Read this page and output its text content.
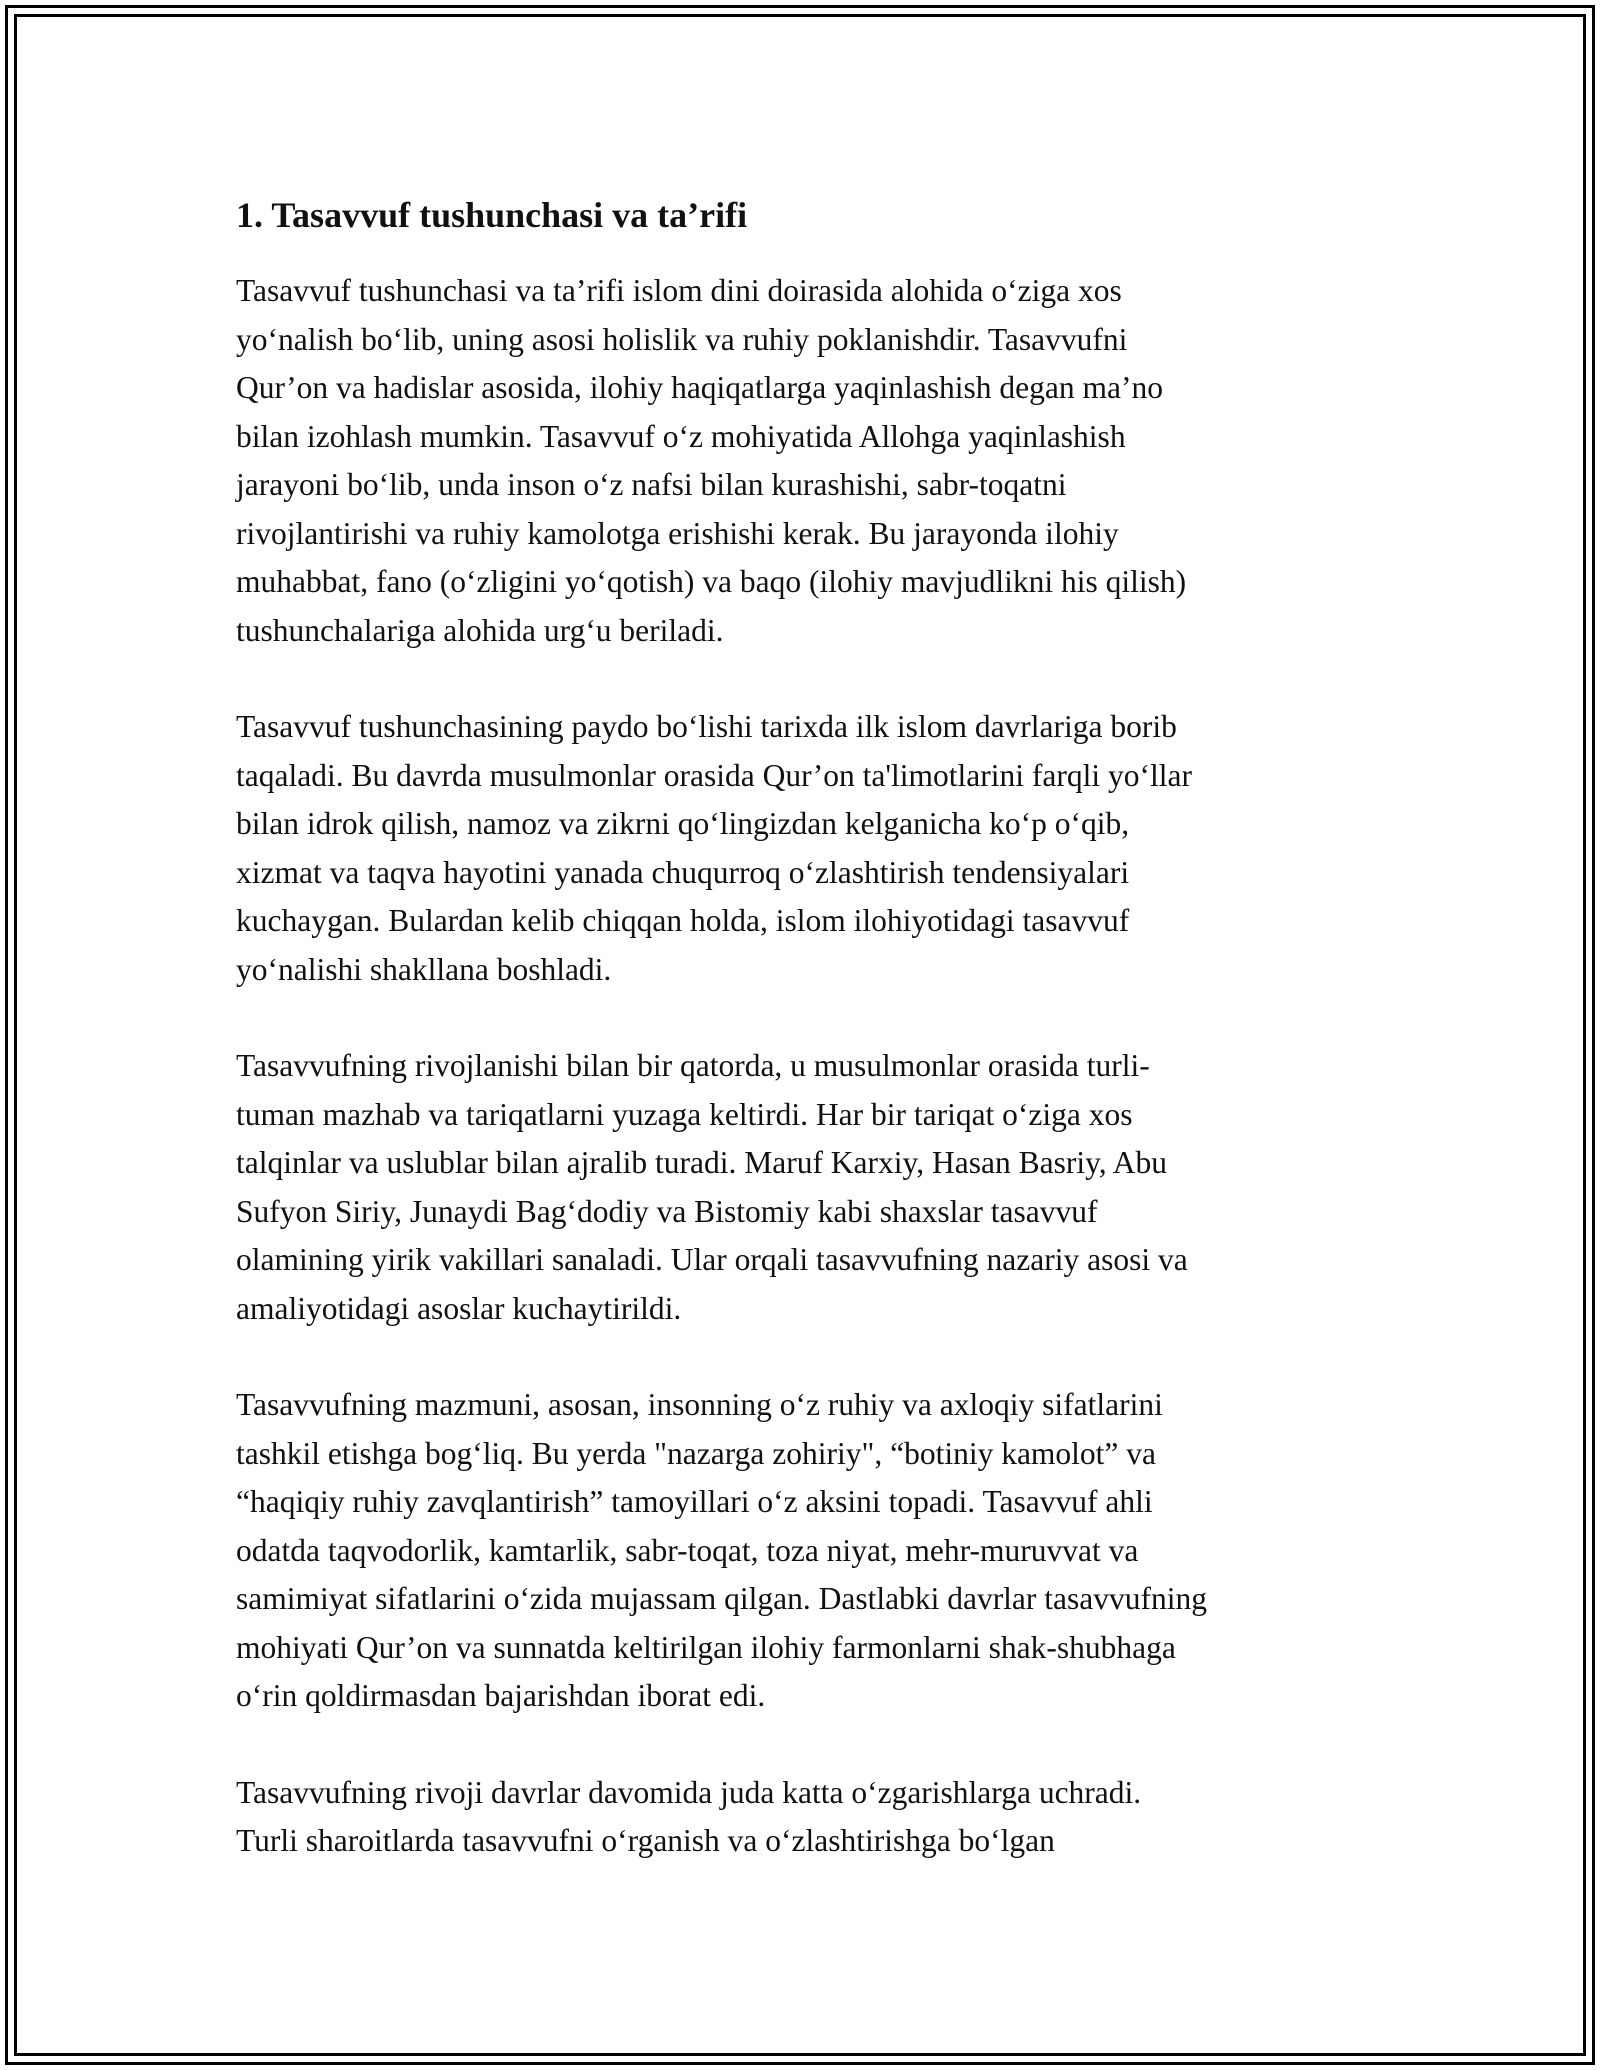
1. Tasavvuf tushunchasi va ta’rifi

Tasavvuf tushunchasi va ta’rifi islom dini doirasida alohida o‘ziga xos
yo‘nalish bo‘lib, uning asosi holislik va ruhiy poklanishdir. Tasavvufni
Qur’on va hadislar asosida, ilohiy haqiqatlarga yaqinlashish degan ma’no
bilan izohlash mumkin. Tasavvuf o‘z mohiyatida Allohga yaqinlashish
jarayoni bo‘lib, unda inson o‘z nafsi bilan kurashishi, sabr-toqatni
rivojlantirishi va ruhiy kamolotga erishishi kerak. Bu jarayonda ilohiy
muhabbat, fano (o‘zligini yo‘qotish) va baqo (ilohiy mavjudlikni his qilish)
tushunchalariga alohida urg‘u beriladi.

Tasavvuf tushunchasining paydo bo‘lishi tarixda ilk islom davrlariga borib
taqaladi. Bu davrda musulmonlar orasida Qur’on ta'limotlarini farqli yo‘llar
bilan idrok qilish, namoz va zikrni qo‘lingizdan kelganicha ko‘p o‘qib,
xizmat va taqva hayotini yanada chuqurroq o‘zlashtirish tendensiyalari
kuchaygan. Bulardan kelib chiqqan holda, islom ilohiyotidagi tasavvuf
yo‘nalishi shakllana boshladi.

Tasavvufning rivojlanishi bilan bir qatorda, u musulmonlar orasida turli-
tuman mazhab va tariqatlarni yuzaga keltirdi. Har bir tariqat o‘ziga xos
talqinlar va uslublar bilan ajralib turadi. Maruf Karxiy, Hasan Basriy, Abu
Sufyon Siriy, Junaydi Bag‘dodiy va Bistomiy kabi shaxslar tasavvuf
olamining yirik vakillari sanaladi. Ular orqali tasavvufning nazariy asosi va
amaliyotidagi asoslar kuchaytirildi.

Tasavvufning mazmuni, asosan, insonning o‘z ruhiy va axloqiy sifatlarini
tashkil etishga bog‘liq. Bu yerda "nazarga zohiriy", “botiniy kamolot” va
“haqiqiy ruhiy zavqlantirish” tamoyillari o‘z aksini topadi. Tasavvuf ahli
odatda taqvodorlik, kamtarlik, sabr-toqat, toza niyat, mehr-muruvvat va
samimiyat sifatlarini o‘zida mujassam qilgan. Dastlabki davrlar tasavvufning
mohiyati Qur’on va sunnatda keltirilgan ilohiy farmonlarni shak-shubhaga
o‘rin qoldirmasdan bajarishdan iborat edi.

Tasavvufning rivoji davrlar davomida juda katta o‘zgarishlarga uchradi.
Turli sharoitlarda tasavvufni o‘rganish va o‘zlashtirishga bo‘lgan
